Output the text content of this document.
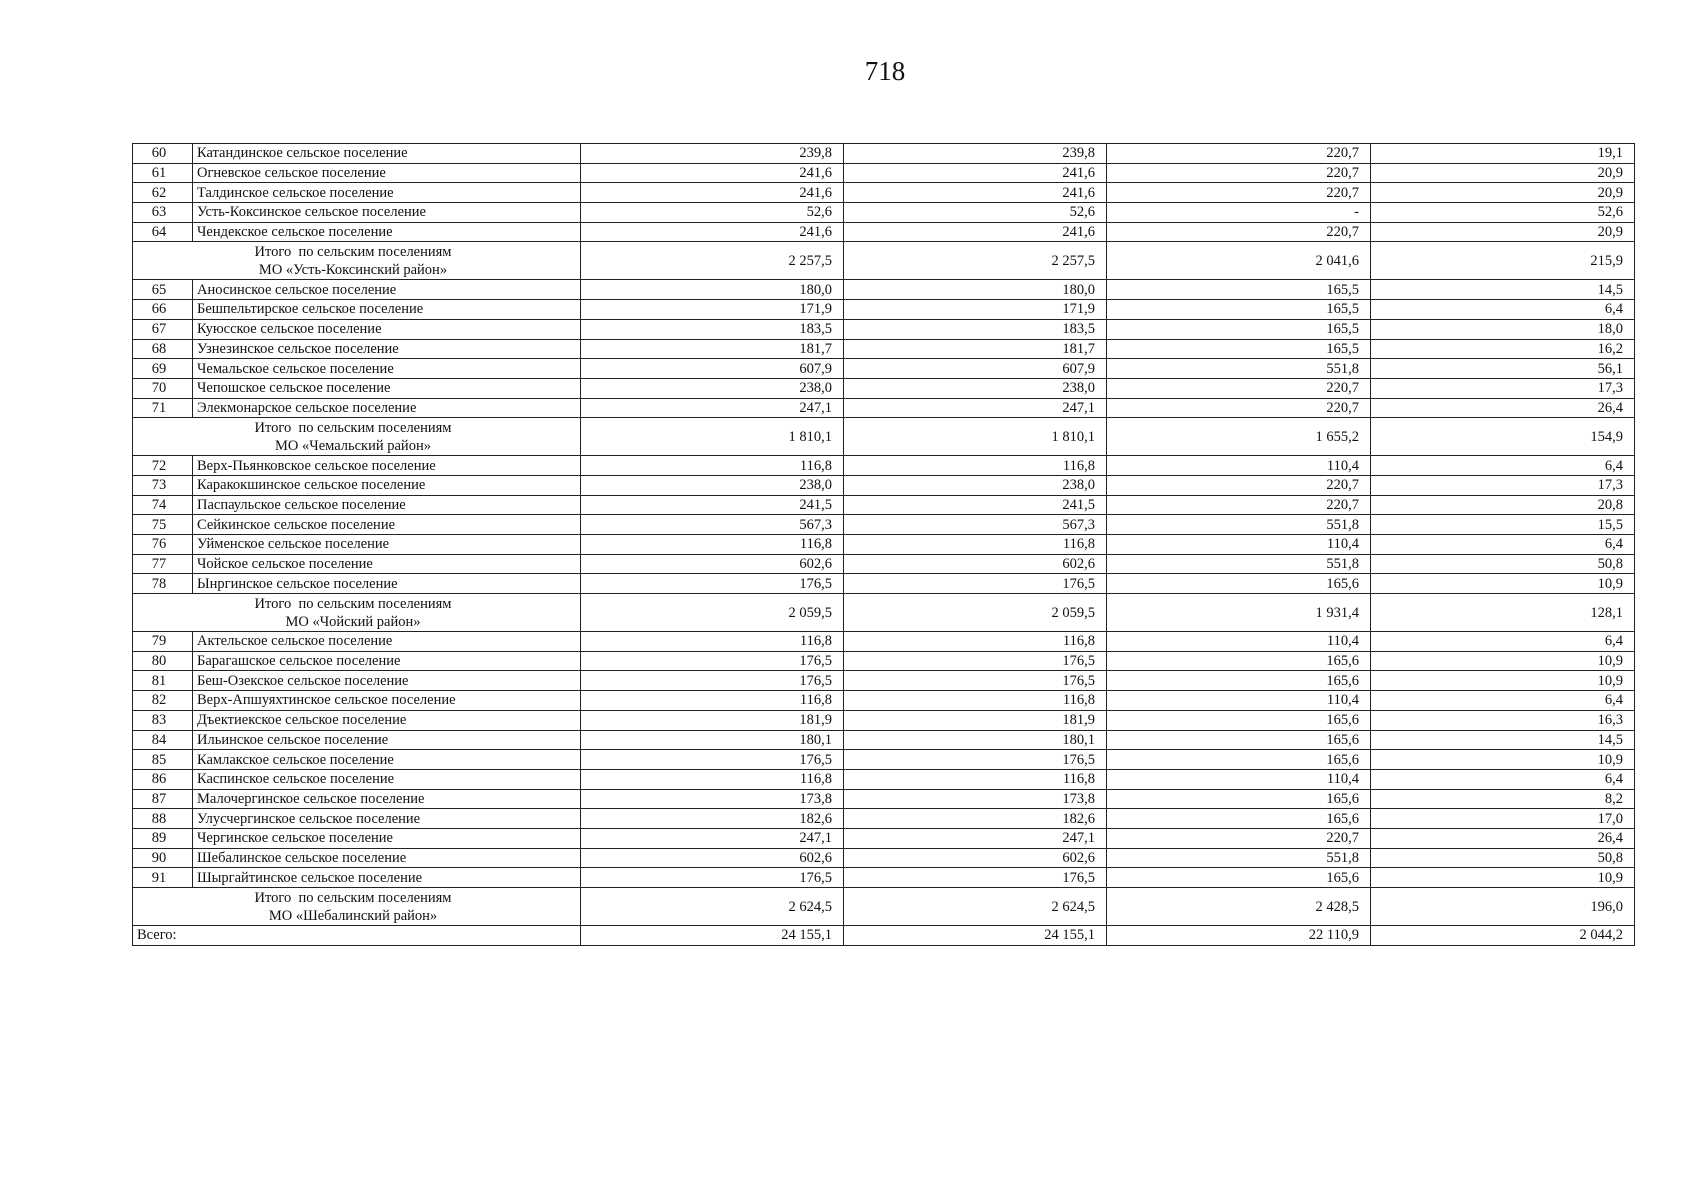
718
60	Катандинское сельское поселение	239,8	239,8	220,7	19,1
61	Огневское сельское поселение	241,6	241,6	220,7	20,9
62	Талдинское сельское поселение	241,6	241,6	220,7	20,9
63	Усть-Коксинское сельское поселение	52,6	52,6	-	52,6
64	Чендекское сельское поселение	241,6	241,6	220,7	20,9

Итого  по сельским поселениям
МО «Усть-Коксинский район»		2 257,5	2 257,5	2 041,6	215,9
65	Аносинское сельское поселение	180,0	180,0	165,5	14,5
66	Бешпельтирское сельское поселение	171,9	171,9	165,5	6,4
67	Куюсское сельское поселение	183,5	183,5	165,5	18,0
68	Узнезинское сельское поселение	181,7	181,7	165,5	16,2
69	Чемальское сельское поселение	607,9	607,9	551,8	56,1
70	Чепошское сельское поселение	238,0	238,0	220,7	17,3
71	Элекмонарское сельское поселение	247,1	247,1	220,7	26,4

Итого  по сельским поселениям
МО «Чемальский район»		1 810,1	1 810,1	1 655,2	154,9
72	Верх-Пьянковское сельское поселение	116,8	116,8	110,4	6,4
73	Каракокшинское сельское поселение	238,0	238,0	220,7	17,3
74	Паспаульское сельское поселение	241,5	241,5	220,7	20,8
75	Сейкинское сельское поселение	567,3	567,3	551,8	15,5
76	Уйменское сельское поселение	116,8	116,8	110,4	6,4
77	Чойское сельское поселение	602,6	602,6	551,8	50,8
78	Ынргинское сельское поселение	176,5	176,5	165,6	10,9

Итого  по сельским поселениям
МО «Чойский район»		2 059,5	2 059,5	1 931,4	128,1
79	Актельское сельское поселение	116,8	116,8	110,4	6,4
80	Барагашское сельское поселение	176,5	176,5	165,6	10,9
81	Беш-Озекское сельское поселение	176,5	176,5	165,6	10,9
82	Верх-Апшуяхтинское сельское поселение	116,8	116,8	110,4	6,4
83	Дъектиекское сельское поселение	181,9	181,9	165,6	16,3
84	Ильинское сельское поселение	180,1	180,1	165,6	14,5
85	Камлакское сельское поселение	176,5	176,5	165,6	10,9
86	Каспинское сельское поселение	116,8	116,8	110,4	6,4
87	Малочергинское сельское поселение	173,8	173,8	165,6	8,2
88	Улусчергинское сельское поселение	182,6	182,6	165,6	17,0
89	Чергинское сельское поселение	247,1	247,1	220,7	26,4
90	Шебалинское сельское поселение	602,6	602,6	551,8	50,8
91	Шыргайтинское сельское поселение	176,5	176,5	165,6	10,9

Итого  по сельским поселениям
МО «Шебалинский район»		2 624,5	2 624,5	2 428,5	196,0
Всего:		24 155,1	24 155,1	22 110,9	2 044,2
